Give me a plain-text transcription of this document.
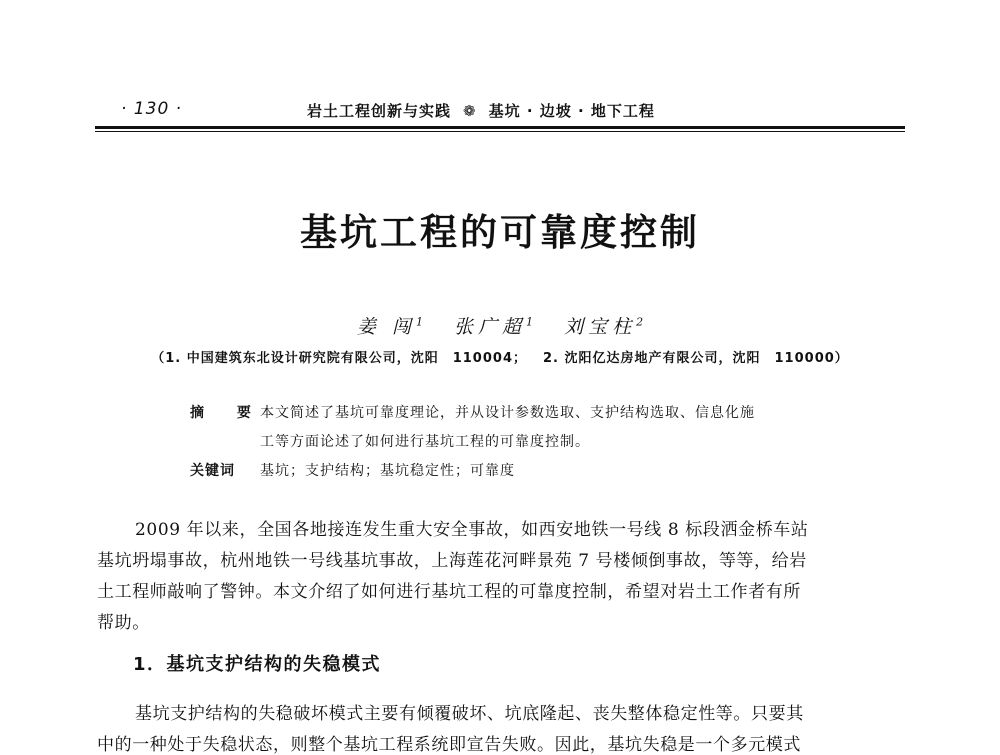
· 130 ·	岩土工程创新与实践 ❁ 基坑 · 边坡 · 地下工程
基坑工程的可靠度控制
姜 闯$^1$ 张广超$^1$ 刘宝柱$^2$
（1. 中国建筑东北设计研究院有限公司，沈阳　110004； 2. 沈阳亿达房地产有限公司，沈阳　110000）
摘 要
本文简述了基坑可靠度理论，并从设计参数选取、支护结构选取、信息化施
工等方面论述了如何进行基坑工程的可靠度控制。
关键词 基坑；支护结构；基坑稳定性；可靠度
2009 年以来，全国各地接连发生重大安全事故，如西安地铁一号线 8 标段洒金桥车站
基坑坍塌事故，杭州地铁一号线基坑事故，上海莲花河畔景苑 7 号楼倾倒事故，等等，给岩
土工程师敲响了警钟。本文介绍了如何进行基坑工程的可靠度控制，希望对岩土工作者有所
帮助。
1．基坑支护结构的失稳模式
基坑支护结构的失稳破坏模式主要有倾覆破坏、坑底隆起、丧失整体稳定性等。只要其
中的一种处于失稳状态，则整个基坑工程系统即宣告失败。因此，基坑失稳是一个多元模式
